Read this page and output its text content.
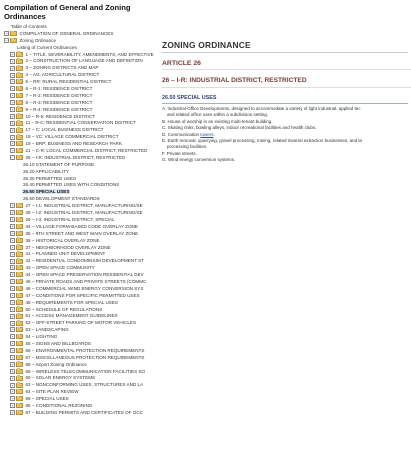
Compilation of General and Zoning Ordinances
Table of Contents
+	COMPILATION OF GENERAL ORDINANCES
−	Zoning Ordinance
Listing of Current Ordinances
+	1 – TITLE, SEVERABILITY, AMENDMENTS, AND EFFECTIVE
+	2 – CONSTRUCTION OF LANGUAGE AND DEFINITION
+	3 – ZONING DISTRICTS AND MAP
+	4 – AG: AGRICULTURAL DISTRICT
+	5 – RR: RURAL RESIDENTIAL DISTRICT
+	6 – R-1: RESIDENCE DISTRICT
+	7 – R-2: RESIDENCE DISTRICT
+	8 – R-3: RESIDENCE DISTRICT
+	9 – R-4: RESIDENCE DISTRICT
+	10 – R-5: RESIDENCE DISTRICT
+	11 – R-C: RESIDENTIAL CONSERVATION DISTRICT
+	17 – C: LOCAL BUSINESS DISTRICT
+	18 – VC: VILLAGE COMMERCIAL DISTRICT
+	19 – BRP: BUSINESS AND RESEARCH PARK
+	21 – C-R: LOCAL COMMERCIAL DISTRICT, RESTRICTED
−	26 – I-R: INDUSTRIAL DISTRICT, RESTRICTED
26.10 STATEMENT OF PURPOSE
26.20 APPLICABILITY
26.30 PERMITTED USES
26.40 PERMITTED USES WITH CONDITIONS
26.50 SPECIAL USES
26.60 DEVELOPMENT STANDARDS
+	27 – I-1: INDUSTRIAL DISTRICT, MANUFACTURING/SE
+	28 – I-2: INDUSTRIAL DISTRICT, MANUFACTURING/SE
+	29 – I-3: INDUSTRIAL DISTRICT, SPECIAL
+	34 – VILLAGE FORM-BASED CODE OVERLAY ZONE
+	35 – 9TH STREET AND WEST MAIN OVERLAY ZONE
+	36 – HISTORICAL OVERLAY ZONE
+	37 – NEIGHBORHOOD OVERLAY ZONE
+	41 – PLANNED UNIT DEVELOPMENT
+	42 – RESIDENTIAL CONDOMINIUM DEVELOPMENT ST
+	43 – OPEN SPACE COMMUNITY
+	44 – OPEN SPACE PRESERVATION RESIDENTIAL DEV
+	45 – PRIVATE ROADS AND PRIVATE STREETS (COMMC
+	46 – COMMERCIAL WIND ENERGY CONVERSION SYS
+	47 – CONDITIONS FOR SPECIFIC PERMITTED USES
+	48 – REQUIREMENTS FOR SPECIAL USES
+	50 – SCHEDULE OF REGULATIONS
+	51 – ACCESS MANAGEMENT GUIDELINES
+	52 – OFF-STREET PARKING OF MOTOR VEHICLES
+	53 – LANDSCAPING
+	54 – LIGHTING
+	55 – SIGNS AND BILLBOARDS
+	56 – ENVIRONMENTAL PROTECTION REQUIREMENTS
+	57 – MISCELLANEOUS PROTECTION REQUIREMENTS
+	58 – Airport Zoning Ordinance
+	59 – WIRELESS TELECOMMUNICATION FACILITIES SO
+	60 – SOLAR ENERGY SYSTEMS
+	63 – NONCONFORMING USES, STRUCTURES AND LA
+	64 – SITE PLAN REVIEW
+	65 – SPECIAL USES
+	66 – CONDITIONAL REZONING
+	67 – BUILDING PERMITS AND CERTIFICATES OF OCC
ZONING ORDINANCE
ARTICLE 26
26 – I-R: INDUSTRIAL DISTRICT, RESTRICTED
26.50 SPECIAL USES
A. Industrial-Office Developments, designed to accommodate a variety of light industrial, applied tec
and related office uses within a subdivision setting.
B. House of worship in an existing multi-tenant building.
C. Skating rinks, bowling alleys, indoor recreational facilities and health clubs.
D. Communication towers.
E. Earth removal, quarrying, gravel processing, mining, related mineral extraction businesses, and la
processing facilities.
F. Private streets.
G. Wind energy conversion systems.
